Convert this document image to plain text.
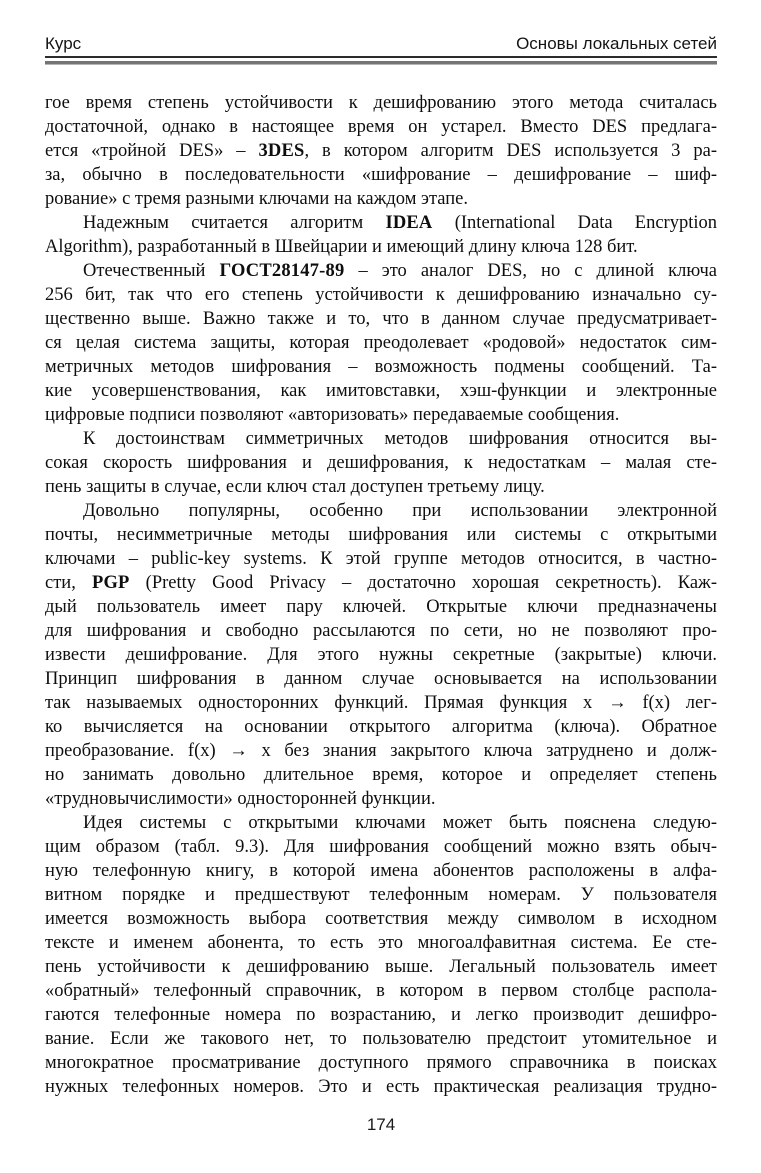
Курс	Основы локальных сетей
гое время степень устойчивости к дешифрованию этого метода считалась
достаточной, однако в настоящее время он устарел. Вместо DES предлага-
ется «тройной DES» – 3DES, в котором алгоритм DES используется 3 ра-
за, обычно в последовательности «шифрование – дешифрование – шиф-
рование» с тремя разными ключами на каждом этапе.
Надежным считается алгоритм IDEA (International Data Encryption
Algorithm), разработанный в Швейцарии и имеющий длину ключа 128 бит.
Отечественный ГОСТ28147-89 – это аналог DES, но с длиной ключа
256 бит, так что его степень устойчивости к дешифрованию изначально су-
щественно выше. Важно также и то, что в данном случае предусматривает-
ся целая система защиты, которая преодолевает «родовой» недостаток сим-
метричных методов шифрования – возможность подмены сообщений. Та-
кие усовершенствования, как имитовставки, хэш-функции и электронные
цифровые подписи позволяют «авторизовать» передаваемые сообщения.
К достоинствам симметричных методов шифрования относится вы-
сокая скорость шифрования и дешифрования, к недостаткам – малая сте-
пень защиты в случае, если ключ стал доступен третьему лицу.
Довольно популярны, особенно при использовании электронной
почты, несимметричные методы шифрования или системы с открытыми
ключами – public-key systems. К этой группе методов относится, в частно-
сти, PGP (Pretty Good Privacy – достаточно хорошая секретность). Каж-
дый пользователь имеет пару ключей. Открытые ключи предназначены
для шифрования и свободно рассылаются по сети, но не позволяют про-
извести дешифрование. Для этого нужны секретные (закрытые) ключи.
Принцип шифрования в данном случае основывается на использовании
так называемых односторонних функций. Прямая функция x → f(x) лег-
ко вычисляется на основании открытого алгоритма (ключа). Обратное
преобразование. f(x) → x без знания закрытого ключа затруднено и долж-
но занимать довольно длительное время, которое и определяет степень
«трудновычислимости» односторонней функции.
Идея системы с открытыми ключами может быть пояснена следую-
щим образом (табл. 9.3). Для шифрования сообщений можно взять обыч-
ную телефонную книгу, в которой имена абонентов расположены в алфа-
витном порядке и предшествуют телефонным номерам. У пользователя
имеется возможность выбора соответствия между символом в исходном
тексте и именем абонента, то есть это многоалфавитная система. Ее сте-
пень устойчивости к дешифрованию выше. Легальный пользователь имеет
«обратный» телефонный справочник, в котором в первом столбце распола-
гаются телефонные номера по возрастанию, и легко производит дешифро-
вание. Если же такового нет, то пользователю предстоит утомительное и
многократное просматривание доступного прямого справочника в поисках
нужных телефонных номеров. Это и есть практическая реализация трудно-
174
